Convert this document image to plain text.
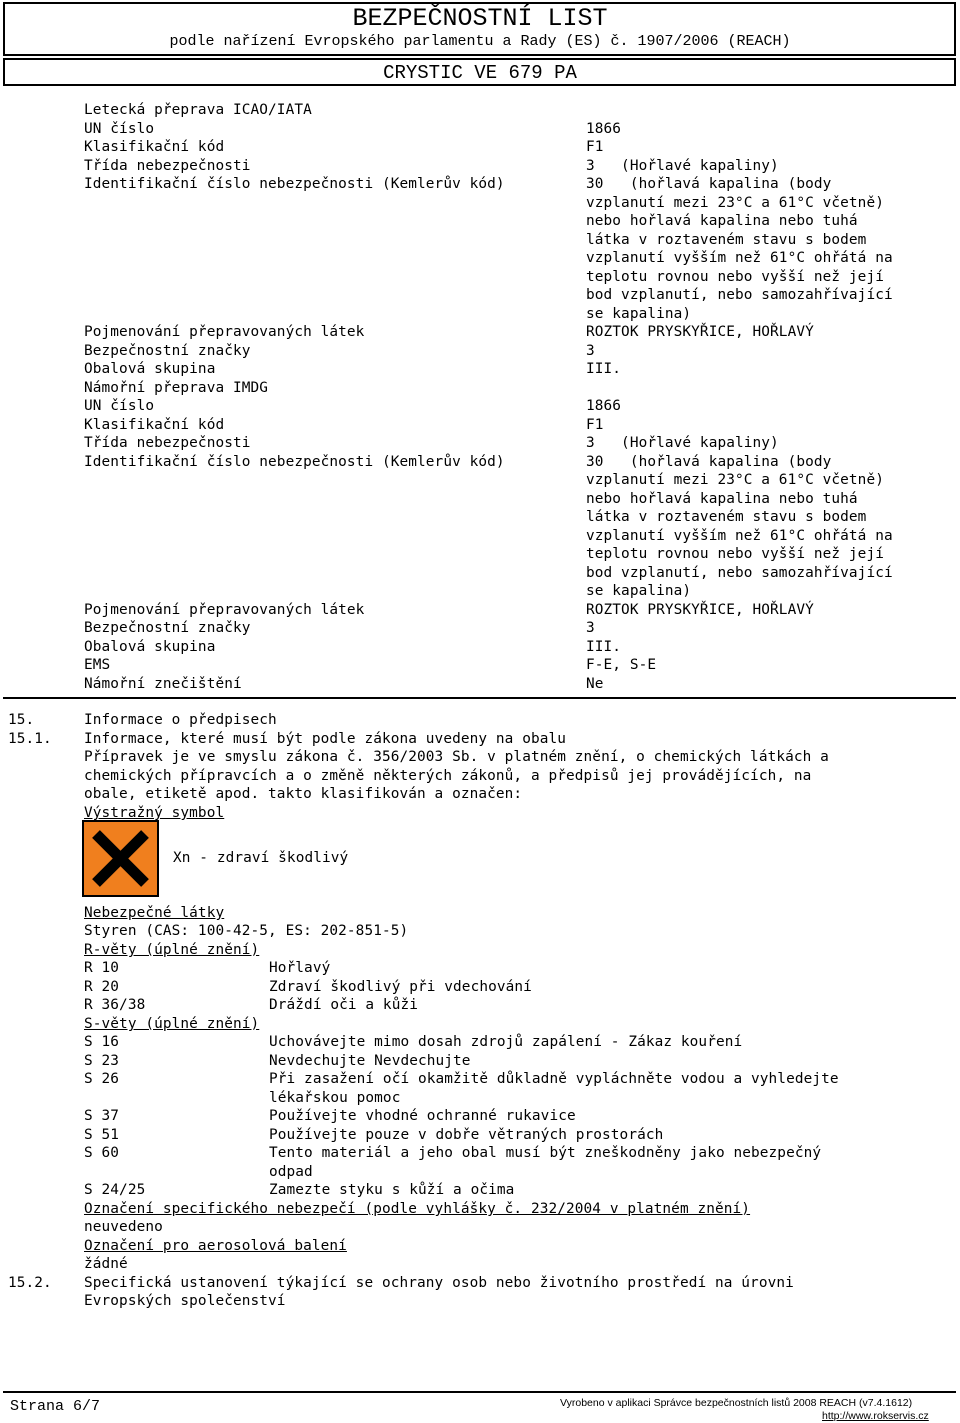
BEZPEČNOSTNÍ LIST
podle nařízení Evropského parlamentu a Rady (ES) č. 1907/2006 (REACH)
CRYSTIC VE 679 PA
Letecká přeprava ICAO/IATA
UN číslo	1866
Klasifikační kód	F1
Třída nebezpečnosti	3   (Hořlavé kapaliny)
Identifikační číslo nebezpečnosti (Kemlerův kód)	30   (hořlavá kapalina (body
vzplanutí mezi 23°C a 61°C včetně)
nebo hořlavá kapalina nebo tuhá
látka v roztaveném stavu s bodem
vzplanutí vyšším než 61°C ohřátá na
teplotu rovnou nebo vyšší než její
bod vzplanutí, nebo samozahřívající
se kapalina)
Pojmenování přepravovaných látek	ROZTOK PRYSKYŘICE, HOŘLAVÝ
Bezpečnostní značky	3
Obalová skupina	III.
Námořní přeprava IMDG
UN číslo	1866
Klasifikační kód	F1
Třída nebezpečnosti	3   (Hořlavé kapaliny)
Identifikační číslo nebezpečnosti (Kemlerův kód)	30   (hořlavá kapalina (body
vzplanutí mezi 23°C a 61°C včetně)
nebo hořlavá kapalina nebo tuhá
látka v roztaveném stavu s bodem
vzplanutí vyšším než 61°C ohřátá na
teplotu rovnou nebo vyšší než její
bod vzplanutí, nebo samozahřívající
se kapalina)
Pojmenování přepravovaných látek	ROZTOK PRYSKYŘICE, HOŘLAVÝ
Bezpečnostní značky	3
Obalová skupina	III.
EMS	F-E, S-E
Námořní znečištění	Ne
15.	Informace o předpisech
15.1. Informace, které musí být podle zákona uvedeny na obalu
Přípravek je ve smyslu zákona č. 356/2003 Sb. v platném znění, o chemických látkách a
chemických přípravcích a o změně některých zákonů, a předpisů jej provádějících, na
obale, etiketě apod. takto klasifikován a označen:
Výstražný symbol
Xn - zdraví škodlivý
Nebezpečné látky
Styren (CAS: 100-42-5, ES: 202-851-5)
R-věty (úplné znění)
R 10	Hořlavý
R 20	Zdraví škodlivý při vdechování
R 36/38	Dráždí oči a kůži
S-věty (úplné znění)
S 16	Uchovávejte mimo dosah zdrojů zapálení - Zákaz kouření
S 23	Nevdechujte Nevdechujte
S 26	Při zasažení očí okamžitě důkladně vypláchněte vodou a vyhledejte
lékařskou pomoc
S 37	Používejte vhodné ochranné rukavice
S 51	Používejte pouze v dobře větraných prostorách
S 60	Tento materiál a jeho obal musí být zneškodněny jako nebezpečný
odpad
S 24/25	Zamezte styku s kůží a očima
Označení specifického nebezpečí (podle vyhlášky č. 232/2004 v platném znění)
neuvedeno
Označení pro aerosolová balení
žádné
15.2. Specifická ustanovení týkající se ochrany osob nebo životního prostředí na úrovni
Evropských společenství
Strana 6/7	Vyrobeno v aplikaci Správce bezpečnostních listů 2008 REACH (v7.4.1612)
http://www.rokservis.cz
